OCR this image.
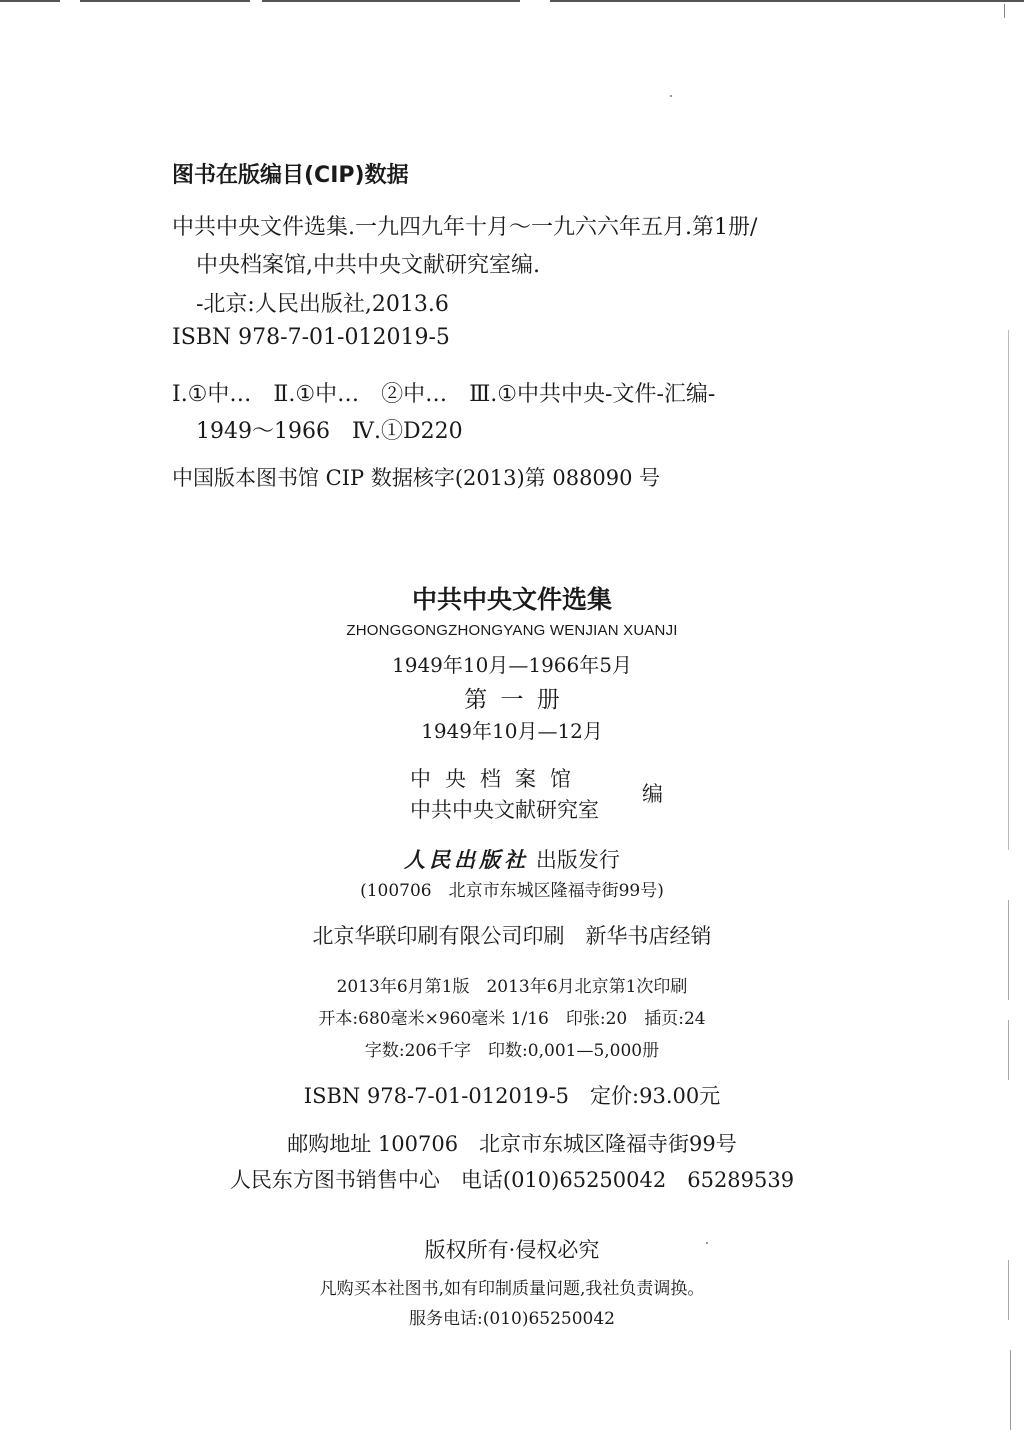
图书在版编目(CIP)数据
中共中央文件选集.一九四九年十月～一九六六年五月.第1册/
中央档案馆,中共中央文献研究室编.
-北京:人民出版社,2013.6
ISBN 978-7-01-012019-5
Ⅰ.①中…　Ⅱ.①中…　②中…　Ⅲ.①中共中央-文件-汇编-
1949～1966　Ⅳ.①D220
中国版本图书馆 CIP 数据核字(2013)第 088090 号
中共中央文件选集
ZHONGGONGZHONGYANG WENJIAN XUANJI
1949年10月—1966年5月
第 一 册
1949年10月—12月
中央档案馆
中共中央文献研究室
编
人民出版社 出版发行
(100706　北京市东城区隆福寺街99号)
北京华联印刷有限公司印刷　新华书店经销
2013年6月第1版　2013年6月北京第1次印刷
开本:680毫米×960毫米 1/16　印张:20　插页:24
字数:206千字　印数:0,001—5,000册
ISBN 978-7-01-012019-5　定价:93.00元
邮购地址 100706　北京市东城区隆福寺街99号
人民东方图书销售中心　电话(010)65250042　65289539
版权所有·侵权必究
凡购买本社图书,如有印制质量问题,我社负责调换。
服务电话:(010)65250042
